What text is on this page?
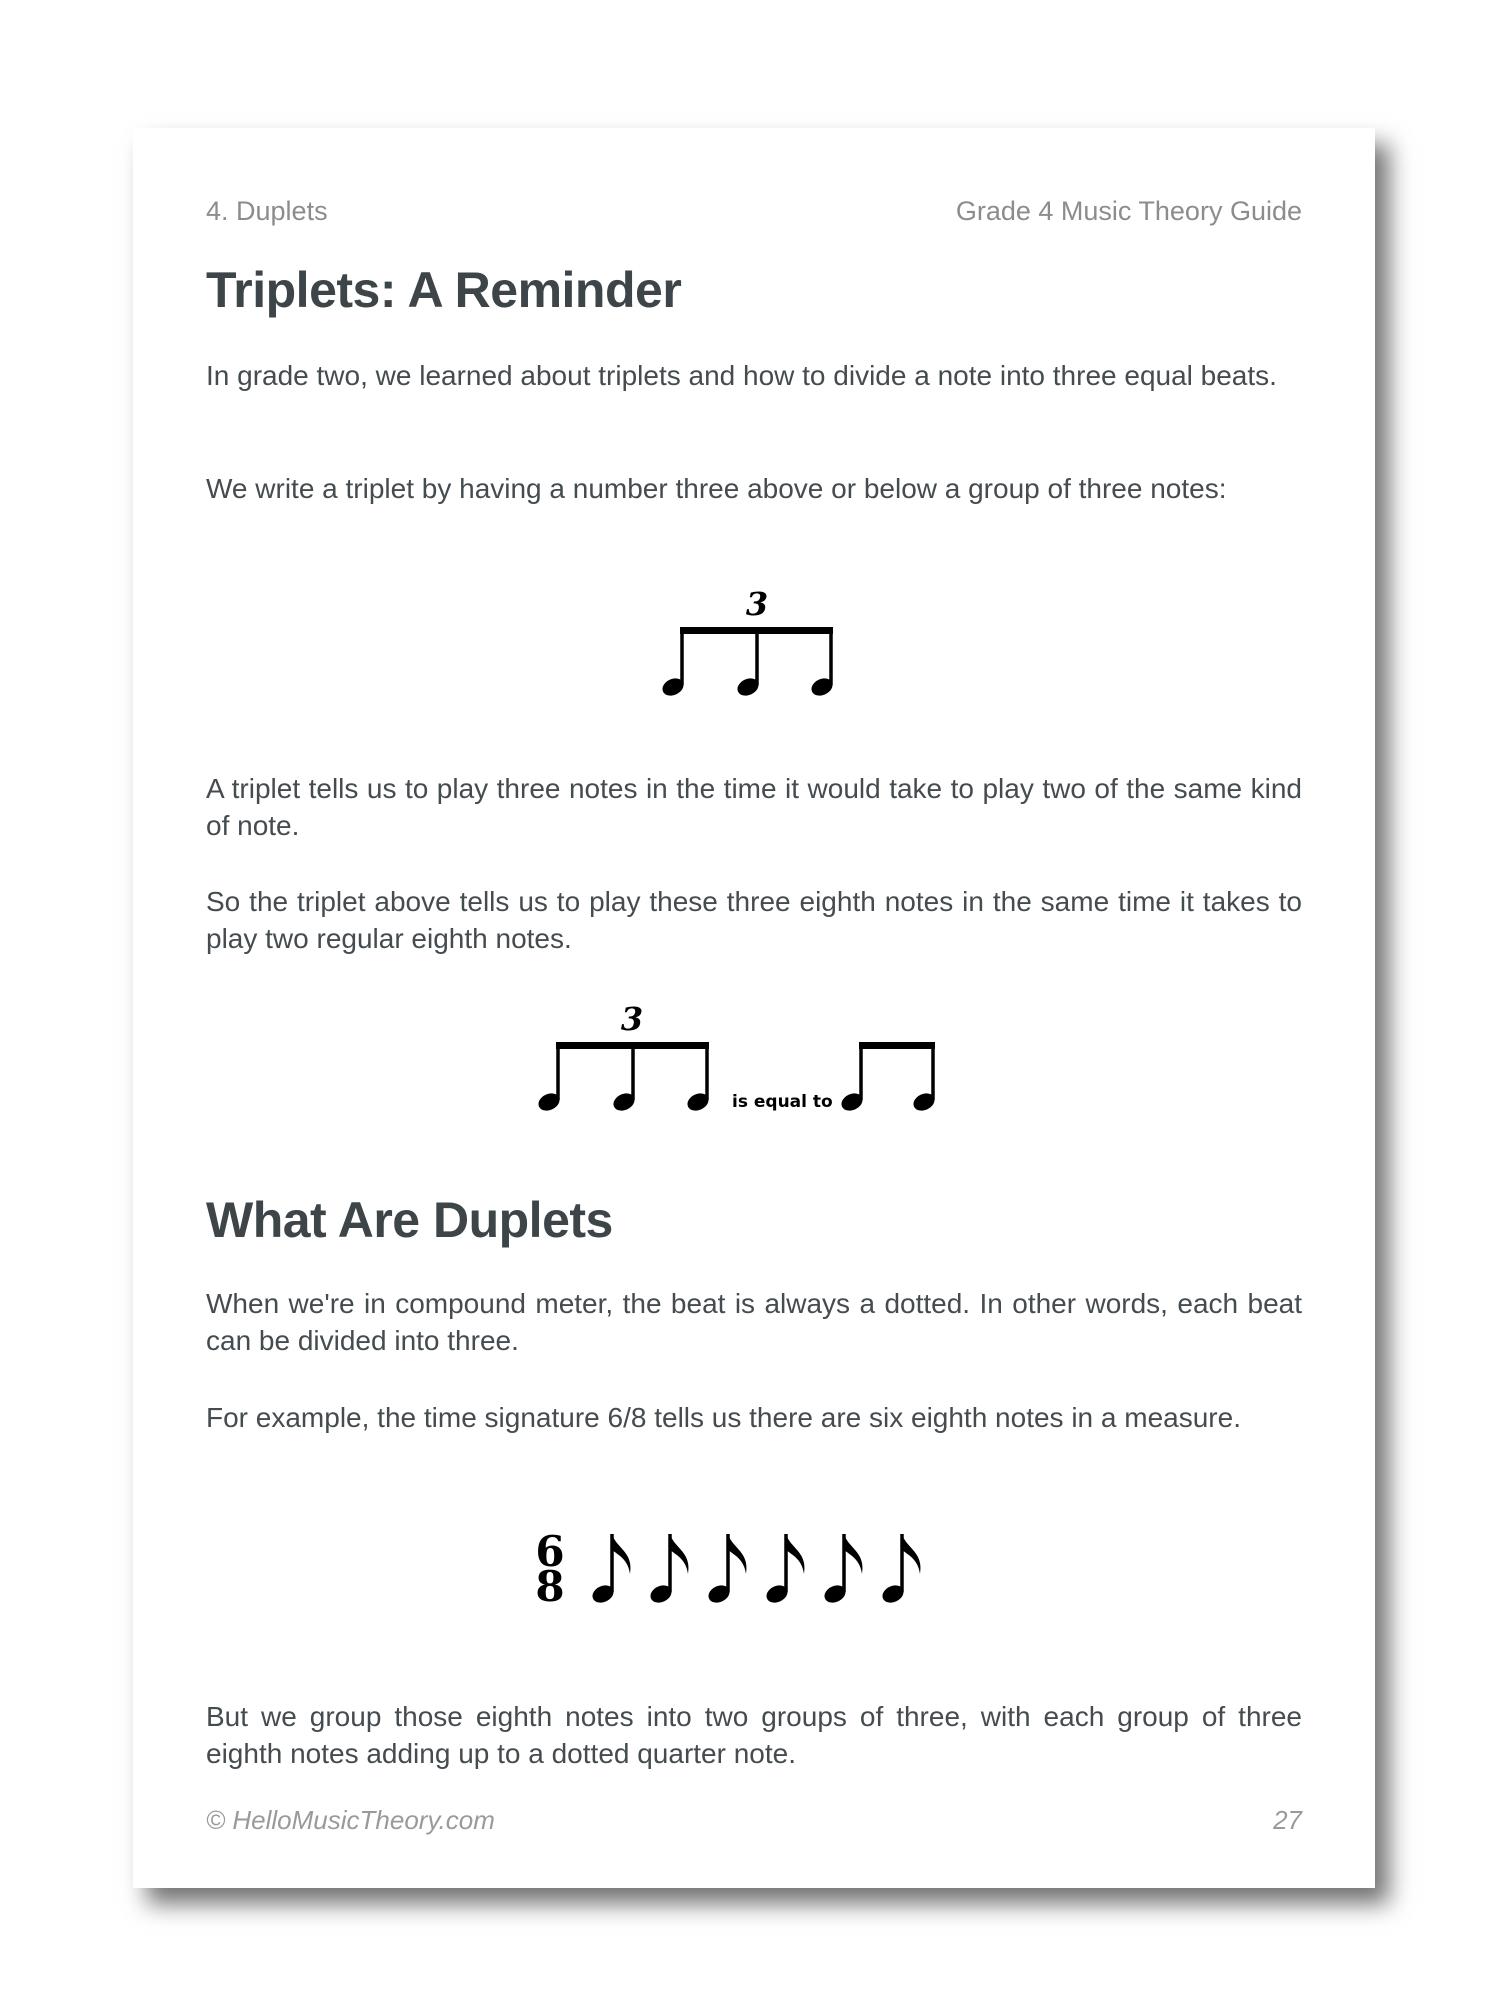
4. Duplets	Grade 4 Music Theory Guide
Triplets: A Reminder

In grade two, we learned about triplets and how to divide a note into three equal beats.

We write a triplet by having a number three above or below a group of three notes:

3

A triplet tells us to play three notes in the time it would take to play two of the same kind of note.

So the triplet above tells us to play these three eighth notes in the same time it takes to play two regular eighth notes.

3
is equal to
What Are Duplets

When we're in compound meter, the beat is always a dotted. In other words, each beat can be divided into three.

For example, the time signature 6/8 tells us there are six eighth notes in a measure.

6
8

But we group those eighth notes into two groups of three, with each group of three eighth notes adding up to a dotted quarter note.

© HelloMusicTheory.com	27
